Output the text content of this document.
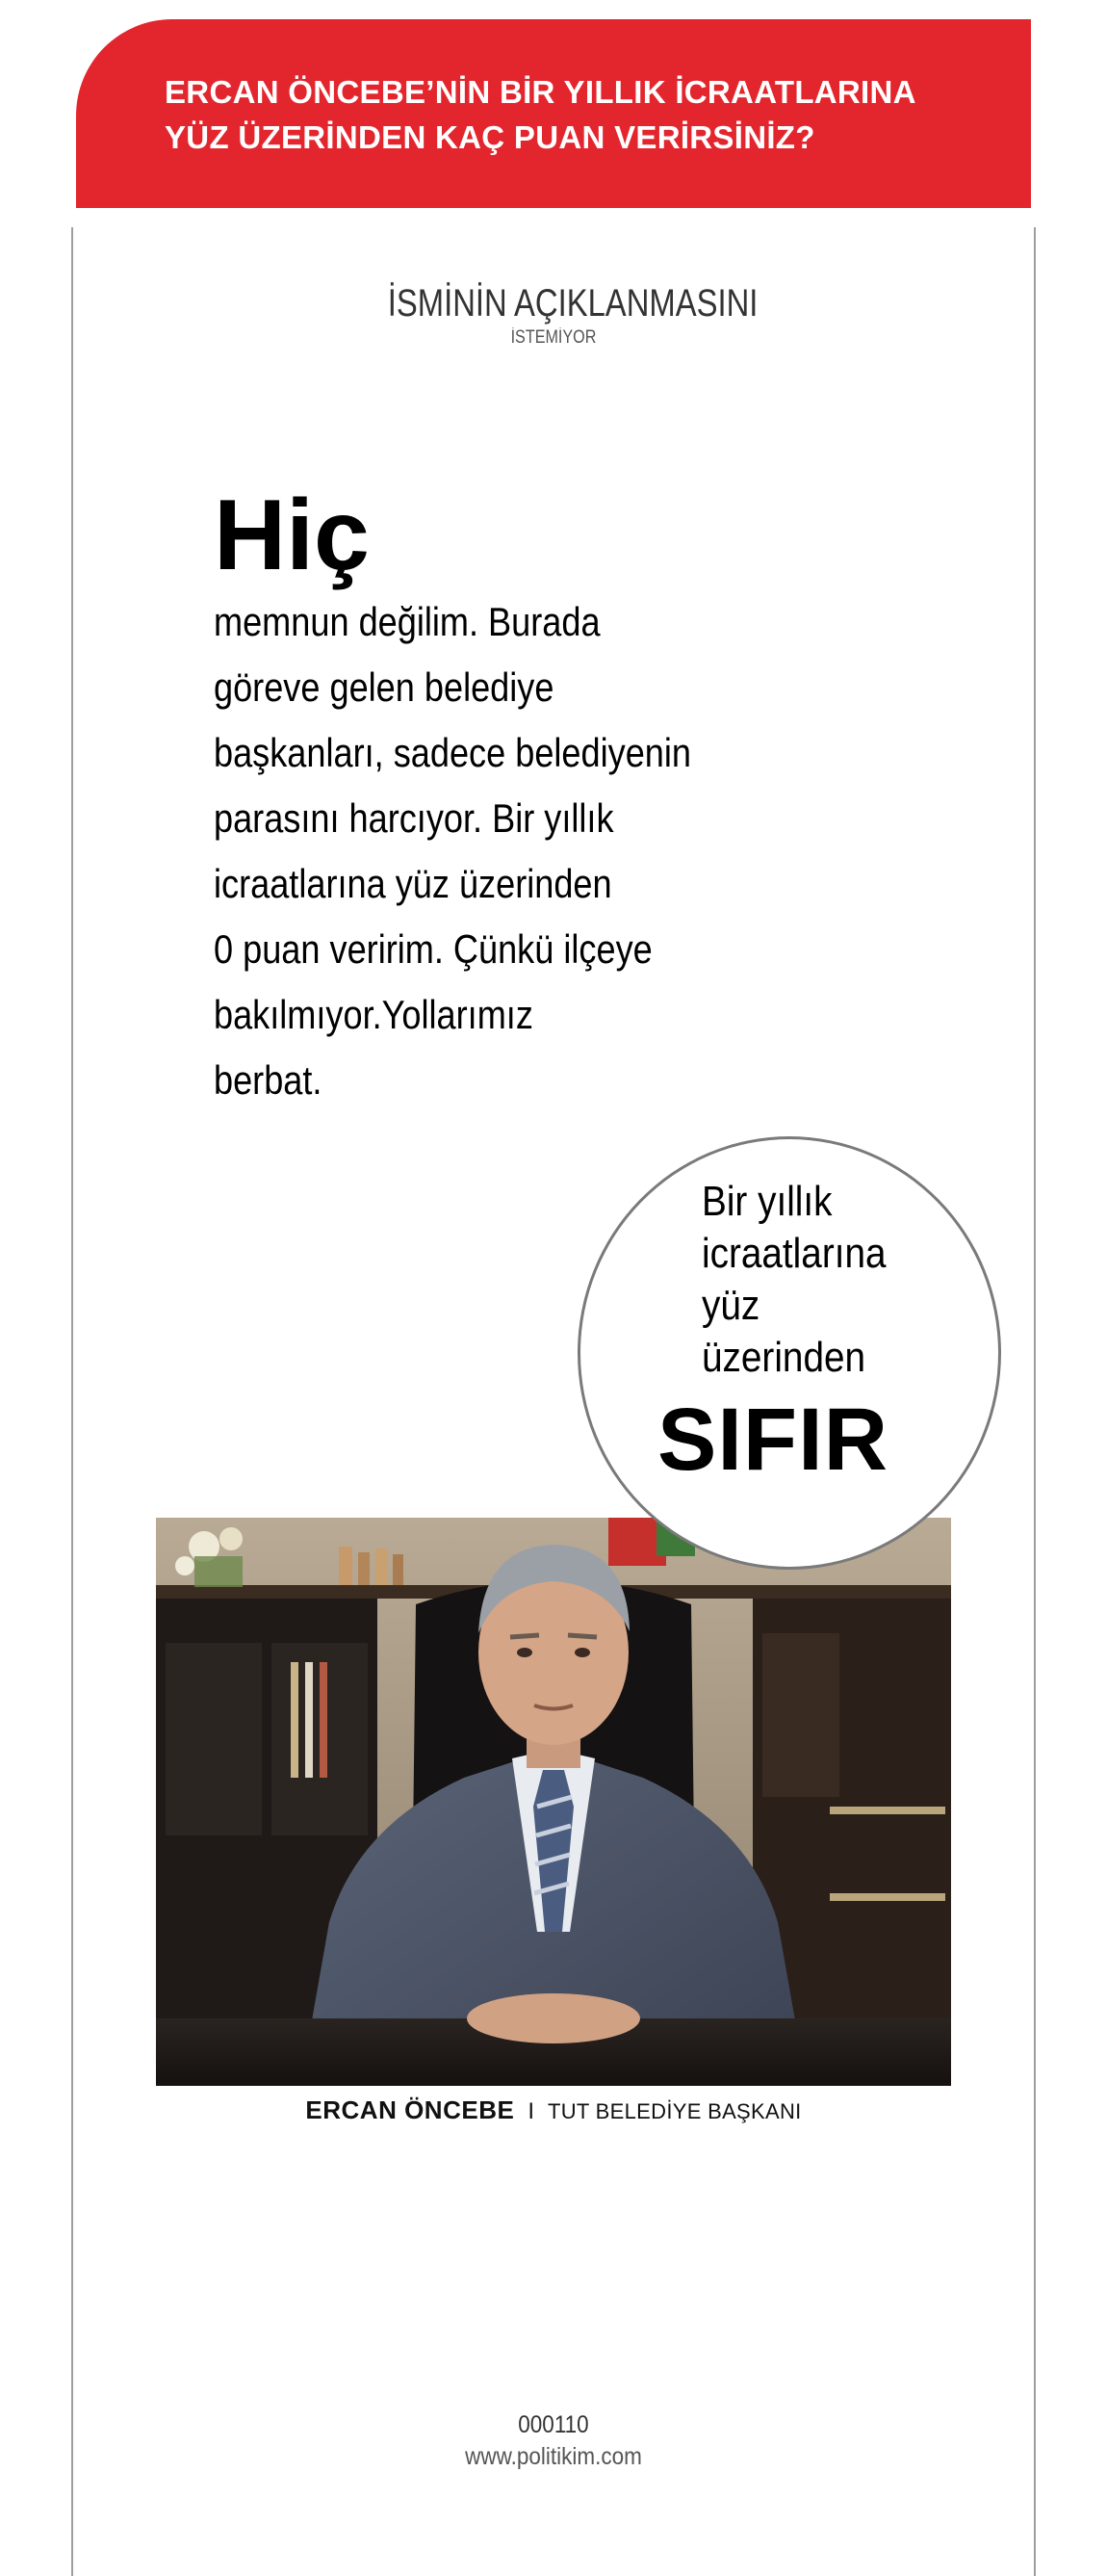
ERCAN ÖNCEBE’NİN BİR YILLIK İCRAATLARINA
YÜZ ÜZERİNDEN KAÇ PUAN VERİRSİNİZ?

İSMİNİN AÇIKLANMASINI
İSTEMİYOR
Hiç
memnun değilim. Burada
göreve gelen belediye
başkanları, sadece belediyenin
parasını harcıyor. Bir yıllık
icraatlarına yüz üzerinden
0 puan veririm. Çünkü ilçeye
bakılmıyor.Yollarımız
berbat.
Bir yıllık
icraatlarına
yüz
üzerinden
SIFIR
ERCAN ÖNCEBE I TUT BELEDİYE BAŞKANI
000110
www.politikim.com
